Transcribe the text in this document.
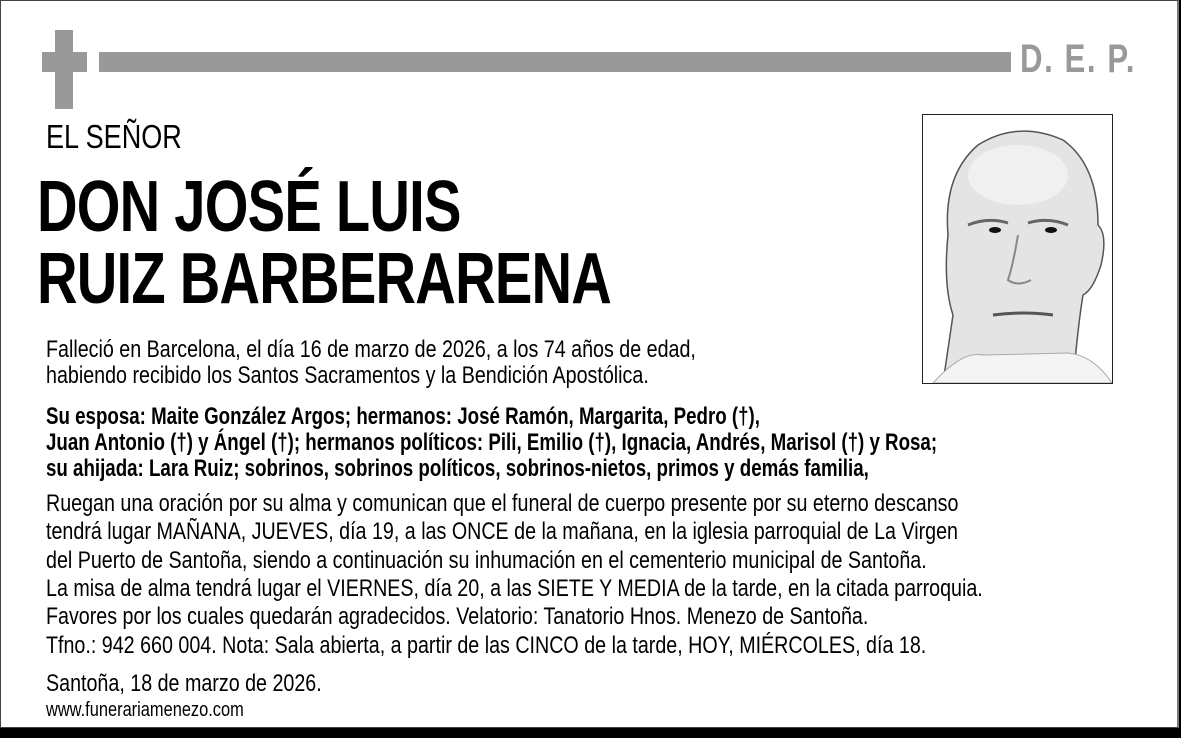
D. E. P.
EL SEÑOR
DON JOSÉ LUIS
RUIZ BARBERARENA
Falleció en Barcelona, el día 16 de marzo de 2026, a los 74 años de edad,
habiendo recibido los Santos Sacramentos y la Bendición Apostólica.
Su esposa: Maite González Argos; hermanos: José Ramón, Margarita, Pedro (†),
Juan Antonio (†) y Ángel (†); hermanos políticos: Pili, Emilio (†), Ignacia, Andrés, Marisol (†) y Rosa;
su ahijada: Lara Ruiz; sobrinos, sobrinos políticos, sobrinos-nietos, primos y demás familia,
Ruegan una oración por su alma y comunican que el funeral de cuerpo presente por su eterno descanso
tendrá lugar MAÑANA, JUEVES, día 19, a las ONCE de la mañana, en la iglesia parroquial de La Virgen
del Puerto de Santoña, siendo a continuación su inhumación en el cementerio municipal de Santoña.
La misa de alma tendrá lugar el VIERNES, día 20, a las SIETE Y MEDIA de la tarde, en la citada parroquia.
Favores por los cuales quedarán agradecidos. Velatorio: Tanatorio Hnos. Menezo de Santoña.
Tfno.: 942 660 004. Nota: Sala abierta, a partir de las CINCO de la tarde, HOY, MIÉRCOLES, día 18.
Santoña, 18 de marzo de 2026.
www.funerariamenezo.com
